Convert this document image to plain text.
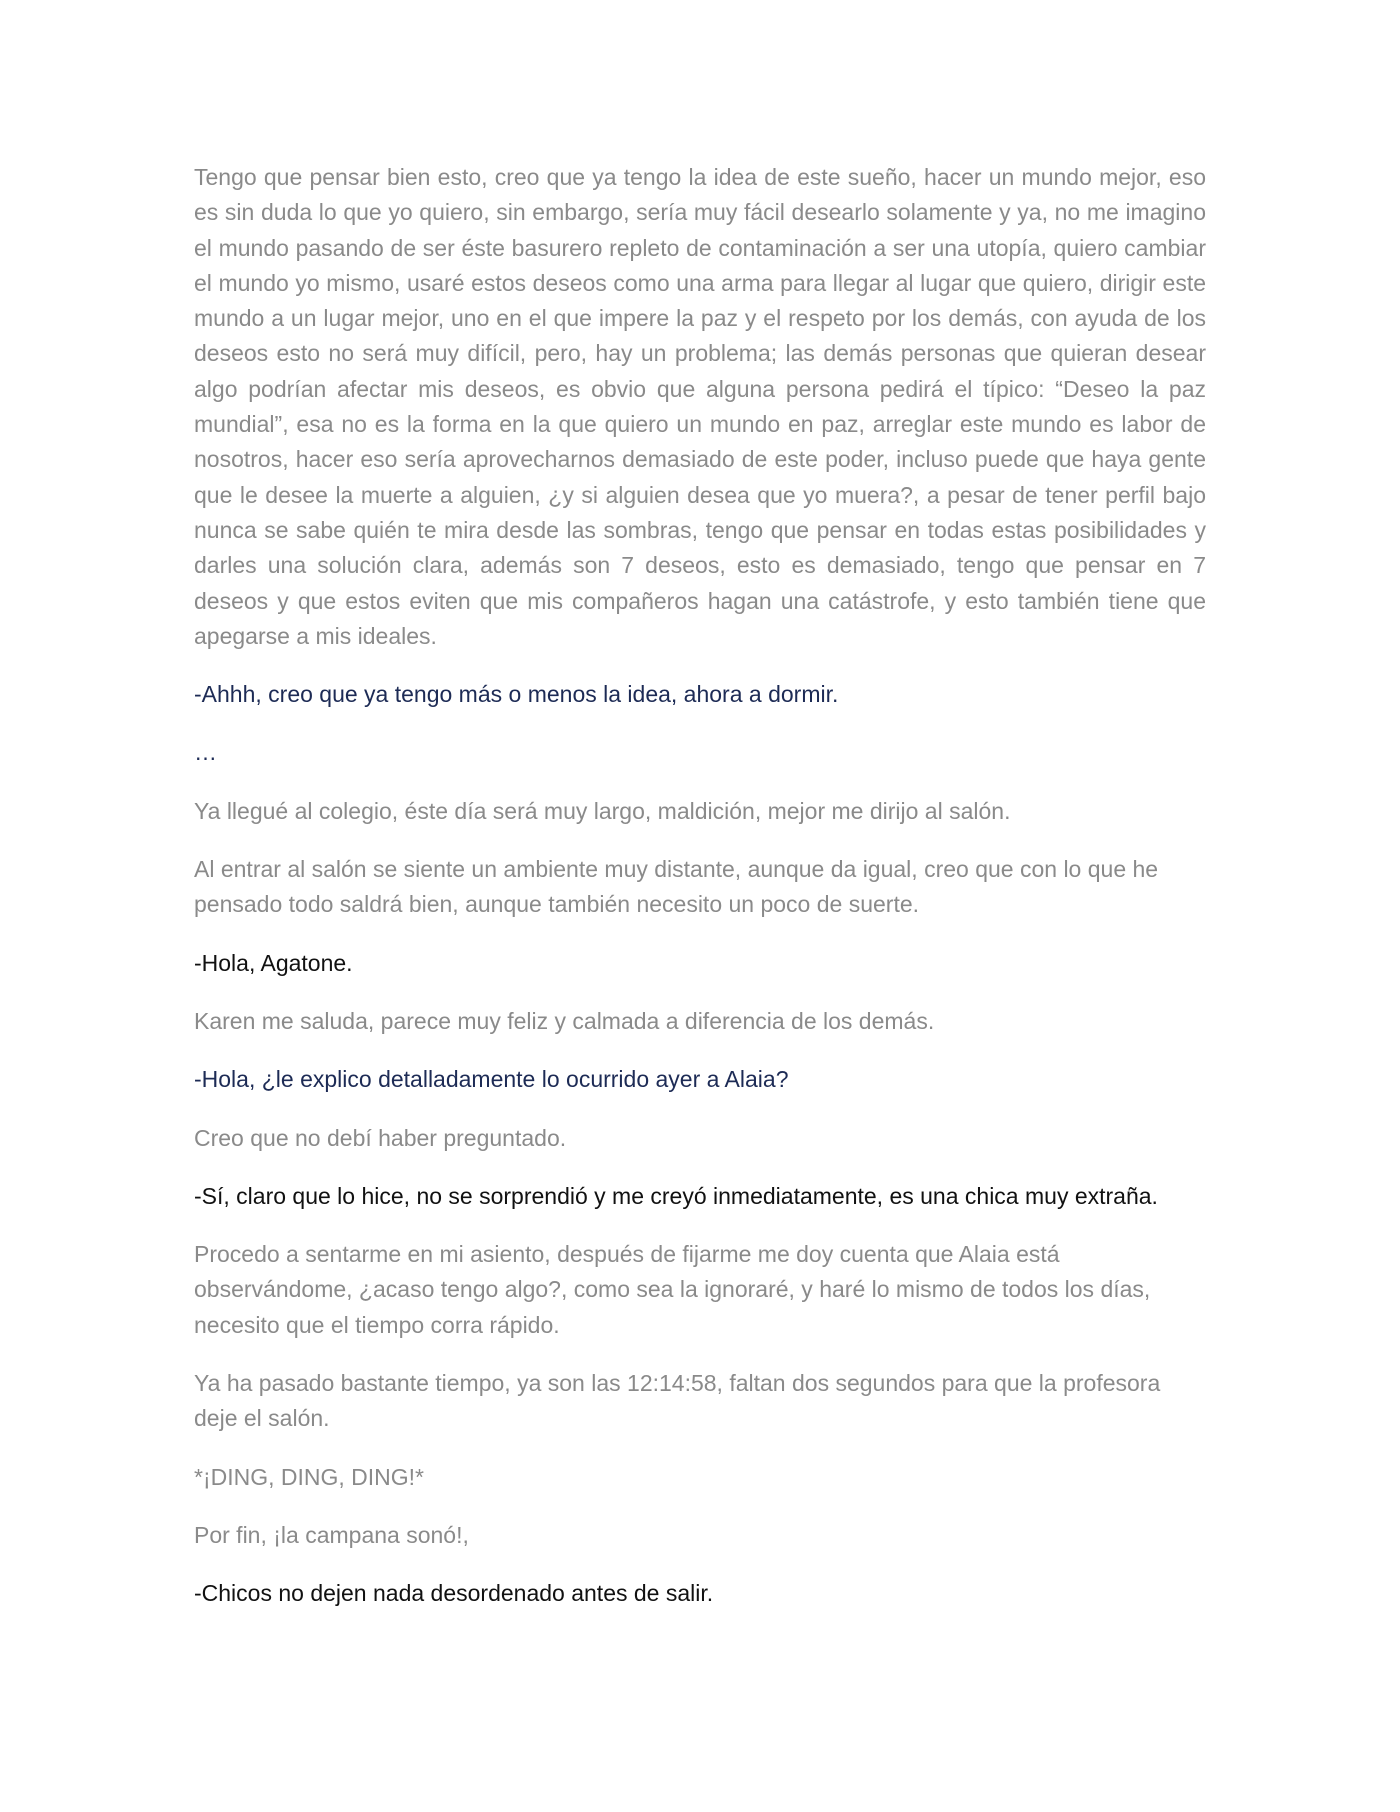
Tengo que pensar bien esto, creo que ya tengo la idea de este sueño, hacer un mundo mejor, eso es sin duda lo que yo quiero, sin embargo, sería muy fácil desearlo solamente y ya, no me imagino el mundo pasando de ser éste basurero repleto de contaminación a ser una utopía, quiero cambiar el mundo yo mismo, usaré estos deseos como una arma para llegar al lugar que quiero, dirigir este mundo a un lugar mejor, uno en el que impere la paz y el respeto por los demás, con ayuda de los deseos esto no será muy difícil, pero, hay un problema; las demás personas que quieran desear algo podrían afectar mis deseos, es obvio que alguna persona pedirá el típico: “Deseo la paz mundial”, esa no es la forma en la que quiero un mundo en paz, arreglar este mundo es labor de nosotros, hacer eso sería aprovecharnos demasiado de este poder, incluso puede que haya gente que le desee la muerte a alguien, ¿y si alguien desea que yo muera?, a pesar de tener perfil bajo nunca se sabe quién te mira desde las sombras, tengo que pensar en todas estas posibilidades y darles una solución clara, además son 7 deseos, esto es demasiado, tengo que pensar en 7 deseos y que estos eviten que mis compañeros hagan una catástrofe, y esto también tiene que apegarse a mis ideales.

-Ahhh, creo que ya tengo más o menos la idea, ahora a dormir.

…

Ya llegué al colegio, éste día será muy largo, maldición, mejor me dirijo al salón.

Al entrar al salón se siente un ambiente muy distante, aunque da igual, creo que con lo que he pensado todo saldrá bien, aunque también necesito un poco de suerte.

-Hola, Agatone.

Karen me saluda, parece muy feliz y calmada a diferencia de los demás.

-Hola, ¿le explico detalladamente lo ocurrido ayer a Alaia?

Creo que no debí haber preguntado.

-Sí, claro que lo hice, no se sorprendió y me creyó inmediatamente, es una chica muy extraña.

Procedo a sentarme en mi asiento, después de fijarme me doy cuenta que Alaia está observándome, ¿acaso tengo algo?, como sea la ignoraré, y haré lo mismo de todos los días, necesito que el tiempo corra rápido.

Ya ha pasado bastante tiempo, ya son las 12:14:58, faltan dos segundos para que la profesora deje el salón.

*¡DING, DING, DING!*

Por fin, ¡la campana sonó!,

-Chicos no dejen nada desordenado antes de salir.
